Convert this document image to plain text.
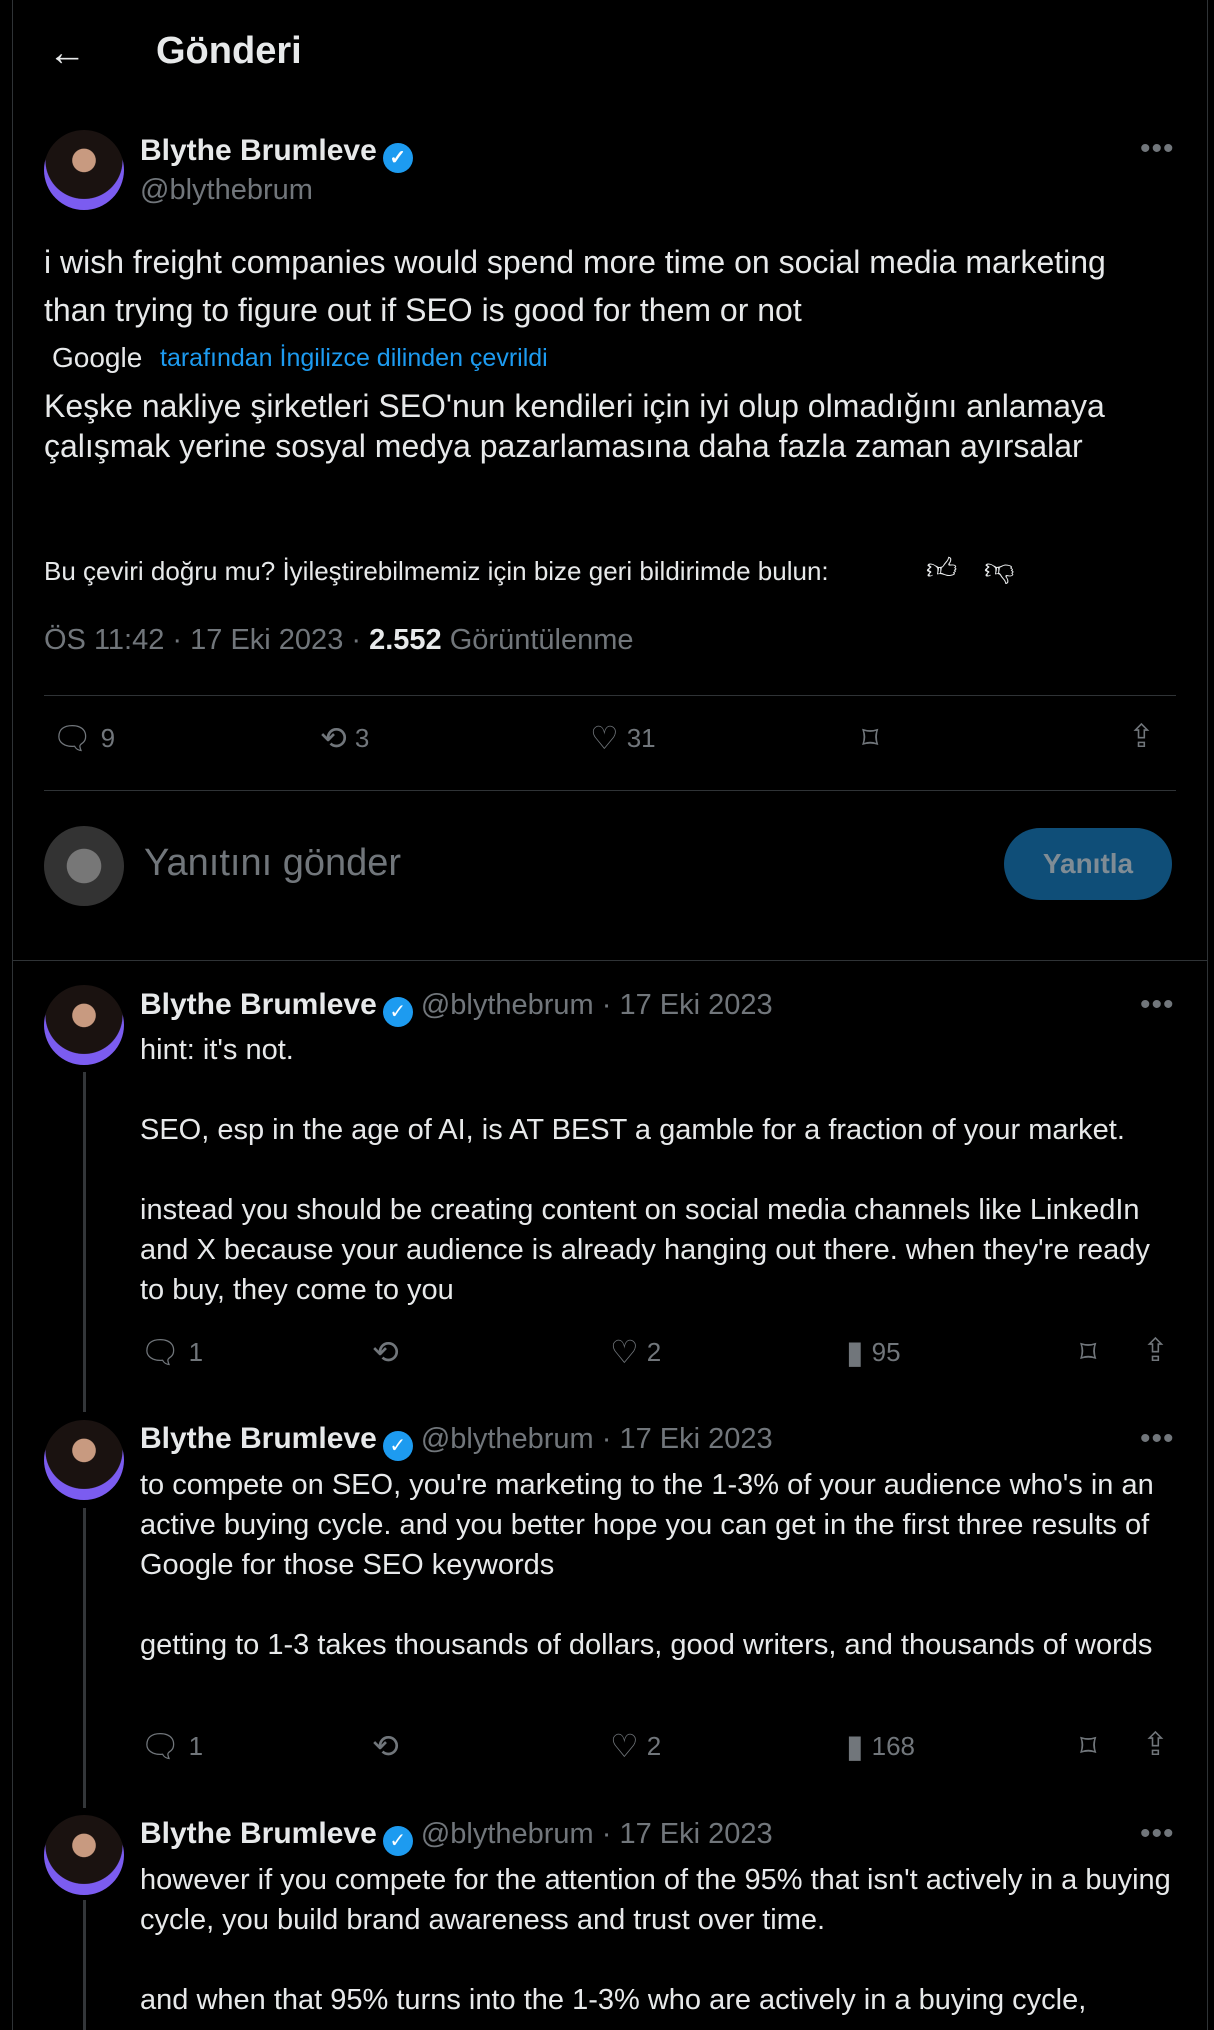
← Gönderi
Blythe Brumleve ✓
@blythebrum
•••
i wish freight companies would spend more time on social media marketing than trying to figure out if SEO is good for them or not
Google tarafından İngilizce dilinden çevrildi
Keşke nakliye şirketleri SEO'nun kendileri için iyi olup olmadığını anlamaya çalışmak yerine sosyal medya pazarlamasına daha fazla zaman ayırsalar
Bu çeviri doğru mu? İyileştirebilmemiz için bize geri bildirimde bulun:	👍︎ 👎︎
ÖS 11:42 · 17 Eki 2023 · 2.552 Görüntülenme
🗨︎ 9	⟲ 3	♡ 31	⌑	⇪
Yanıtını gönder	Yanıtla
Blythe Brumleve ✓ @blythebrum · 17 Eki 2023	•••
hint: it's not.

SEO, esp in the age of AI, is AT BEST a gamble for a fraction of your market.

instead you should be creating content on social media channels like LinkedIn and X because your audience is already hanging out there. when they're ready to buy, they come to you
🗨︎ 1	⟲	♡ 2	▮ 95	⌑ ⇪
Blythe Brumleve ✓ @blythebrum · 17 Eki 2023	•••
to compete on SEO, you're marketing to the 1-3% of your audience who's in an active buying cycle. and you better hope you can get in the first three results of Google for those SEO keywords

getting to 1-3 takes thousands of dollars, good writers, and thousands of words
🗨︎ 1	⟲	♡ 2	▮ 168	⌑ ⇪
Blythe Brumleve ✓ @blythebrum · 17 Eki 2023	•••
however if you compete for the attention of the 95% that isn't actively in a buying cycle, you build brand awareness and trust over time.

and when that 95% turns into the 1-3% who are actively in a buying cycle,
